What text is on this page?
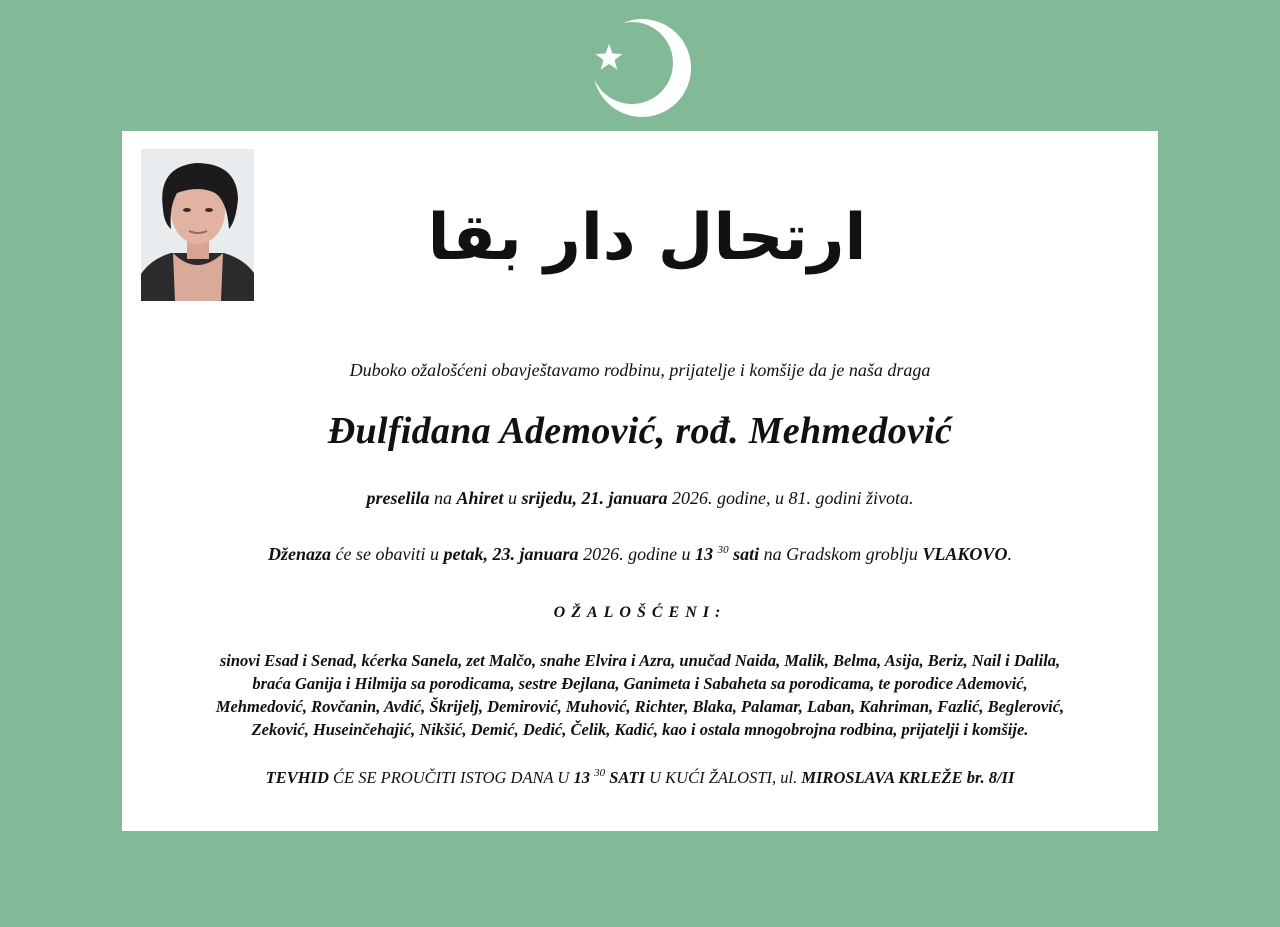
ارتحال دار بقا
Duboko ožalošćeni obavještavamo rodbinu, prijatelje i komšije da je naša draga
Đulfidana Ademović, rođ. Mehmedović
preselila na Ahiret u srijedu, 21. januara 2026. godine, u 81. godini života.
Dženaza će se obaviti u petak, 23. januara 2026. godine u 13 $^{30}$ sati na Gradskom groblju VLAKOVO.
OŽALOŠĆENI:
sinovi Esad i Senad, kćerka Sanela, zet Malčo, snahe Elvira i Azra, unučad Naida, Malik, Belma, Asija, Beriz, Nail i Dalila,
braća Ganija i Hilmija sa porodicama, sestre Đejlana, Ganimeta i Sabaheta sa porodicama, te porodice Ademović,
Mehmedović, Rovčanin, Avdić, Škrijelj, Demirović, Muhović, Richter, Blaka, Palamar, Laban, Kahriman, Fazlić, Beglerović,
Zeković, Huseinčehajić, Nikšić, Demić, Dedić, Čelik, Kadić, kao i ostala mnogobrojna rodbina, prijatelji i komšije.
TEVHID ĆE SE PROUČITI ISTOG DANA U 13 $^{30}$ SATI U KUĆI ŽALOSTI, ul. MIROSLAVA KRLEŽE br. 8/II
